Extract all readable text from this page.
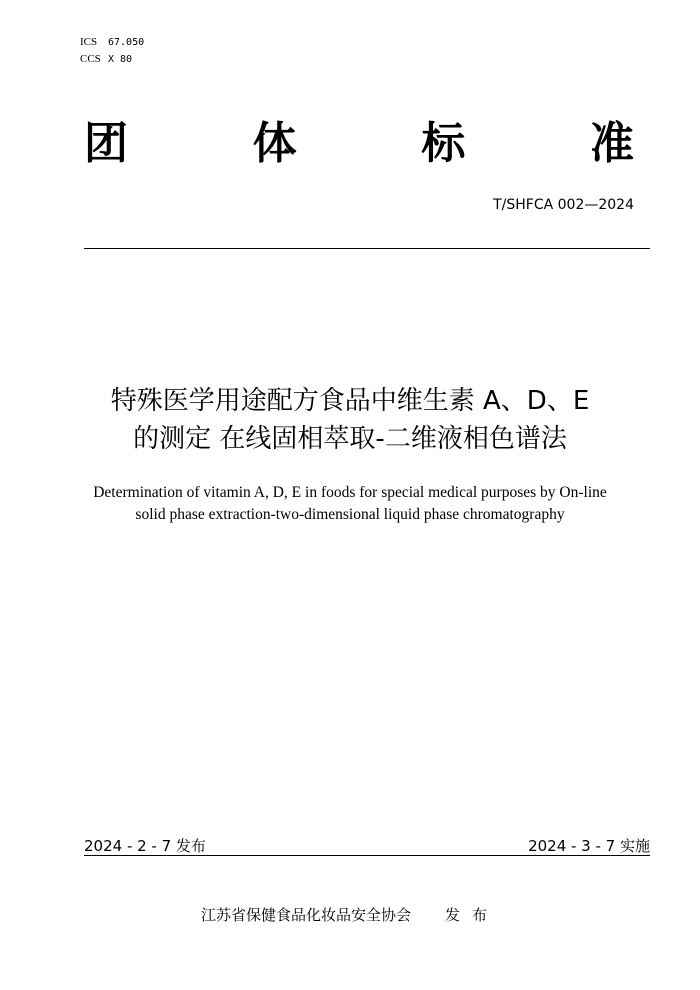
ICS 67.050
CCS X 80
团	体	标	准
T/SHFCA 002—2024
特殊医学用途配方食品中维生素 A、D、E
的测定 在线固相萃取-二维液相色谱法
Determination of vitamin A, D, E in foods for special medical purposes by On-line
solid phase extraction-two-dimensional liquid phase chromatography
2024 - 2 - 7 发布	2024 - 3 - 7 实施
江苏省保健食品化妆品安全协会 发布
